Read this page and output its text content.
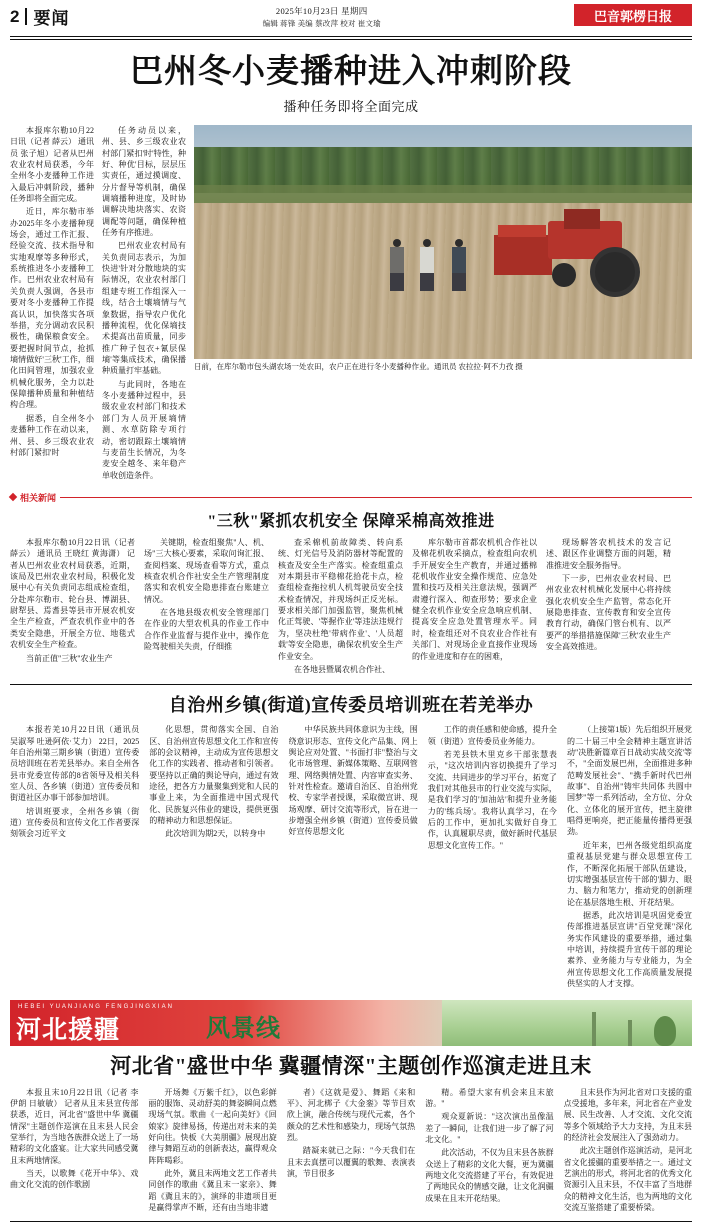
2 要闻	2025年10月23日 星期四
编辑 蒋锋 美编 蔡改萍 校对 崔文瑜	巴音郭楞日报
巴州冬小麦播种进入冲刺阶段
播种任务即将全面完成

本报库尔勒10月22日讯（记者 薛云） 通讯员 张子旭）记者从巴州农业农村局获悉，今年全州冬小麦播种工作进入最后冲刺阶段，播种任务即将全面完成。

近日，库尔勒市举办2025年冬小麦播种现场会，通过工作汇报、经验交流、技术指导和实地观摩等多种形式，系统推进冬小麦播种工作。巴州农业农村局有关负责人强调，各县市要对冬小麦播种工作提高认识，加快落实各项举措，充分调动农民积极性，确保粮食安全。要把握时间节点，抢抓墒情做好'三秋'工作，细化田间管理，加强农业机械化服务，全力以赴保障播种质量和种植结构合理。

据悉，自全州冬小麦播种工作在动以来，州、县、乡三级农业农村部门紧扣'时

任务动员以来，州、县、乡三级农业农村部门紧扣'时'特性，种好、种优'目标，层层压实责任，通过摸调度、分片督导等机制，确保调墒播种进度，及时协调解决地块落实、农资调配等问题，确保种植任务有序推进。

巴州农业农村局有关负责同志表示，为加快进'针对分散地块的实际情况，农业农村部门组建专班工作组深入一线，结合土壤墒情与气象数据，指导农户优化播种流程，优化保墒技术提高出苗质量，同步推广种子包衣+氰层保墒'等集成技术，确保播种质量打牢基础。

与此同时，各地在冬小麦播种过程中，县级农业农村部门和技术部门为人员开展墒情测、水草防除专项行动，密切跟踪土壤墒情与麦苗生长情况，为冬麦安全越冬、来年稳产单收创造条件。

日前，在库尔勒市包头湖农场一处农田，农户正在进行冬小麦播种作业。通讯员 农拉拉·阿不力孜 摄
相关新闻
"三秋"紧抓农机安全 保障采棉高效推进

本报库尔勒10月22日讯（记者 薛云） 通讯员 王晓红 黄海潇） 记者从巴州农业农村局获悉，近期，该局及巴州农业农村局，积极化发展中心有关负责同志组成检查组，分赴库尔勒市、轮台县、博湖县、尉犁县、焉耆县等县市开展农机安全生产检查，严查农机作业中的各类安全隐患，开展全方位、地毯式农机安全生产检查。

当前正值"三秋"农业生产

关键期，检查组聚焦"人、机、场"三大核心要素，采取问询汇报、查阅档案、现场查看等方式，重点核查农机合作社安全生产管理制度落实和农机安全隐患排查台账建立情况。

在各地县级农机安全管理部门在作业的大型农机具的作业工作中合作作业监督与提作业中，操作危险驾驶相关失责，仔细推

查采棉机前故障类、转向系统、灯光信号及消防器材等配置的核查及安全生产落实。检查组重点对本期县市平稳棉花拾花卡点，检查组检查拖拉机人机驾驶员安全技术检查情况，并现场纠正反光标。要求相关部门加强监管，聚焦机械化正驾驶、'等握作业'等违法违规行为，坚决杜绝'带病作业'、'人员超载'等安全隐患，确保农机安全生产作业安全。

在各地县暨属农机合作社、

库尔勒市首都农机机合作社以及棉花机收采摘点，检查组向农机手开展安全生产教育，并通过播棉花机收作业安全操作规范、应急处置和技巧及相关注意法规，强调严肃遵行深入、彻查形势；要求企业健全农机作业安全应急响应机制、提高安全应急处置管理水平。同时，检查组还对不良农业合作社有关部门、对现场企业直接作业现场的作业进度和存在的困难，

现场解答农机技术的发言记述、跟区作业调整方面的问题，精准推进安全服务指导。

下一步，巴州农业农村局、巴州农业农村机械化发展中心将持续强化农机安全生产监管，常态化开展隐患排查、宣传教育和安全宣传教育行动，确保门管台机有、以严要严的举措措施保障'三秋'农业生产安全高效推进。

自治州乡镇(街道)宣传委员培训班在若羌举办

本报若羌10月22日讯（通讯员 吴淑琴 吐逊阿依·艾力） 22日，2025年自治州第三期乡镇（街道）宣传委员培训班在若羌县举办。来自全州各县市党委宣传部的8省领导及相关科室人员、各乡镇（街道）宣传委员和街道社区办事干部参加培训。

培训班要求，全州各乡镇（街道）宣传委员和宣传文化工作者要深刻领会习近平文

化思想，贯彻落实全国、自治区、自治州宣传思想文化工作和宣传部的会议精神，主动成为宣传思想文化工作的实践者、推动者和引领者。要坚持以正确的舆论导向，通过有效途径，把各方力量聚集到党和人民的事业上来，为全面推进中国式现代化、民族复兴伟业的建设，提供更强的精神动力和思想保证。

此次培训为期2天，以转身中

中华民族共同体意识为主线，围绕意识形态、宣传文化产品集、网上舆论应对处置、"书面打非"整治与文化市场管理、新媒体策略、互联网管理、网络舆情处置、内容审查实务、针对性检查。邀请自治区、自治州党校、专家学者授课，采取微宣讲、现场观摩、研讨交流等形式，旨在进一步增强全州乡镇（街道）宣传委员做好宣传思想文化

工作的责任感和使命感，提升全领（街道）宣传委员业务能力。

若羌县铁木里克乡干部张慧表示，"这次培训内容切换提升了学习交流、共同进步的学习平台，拓宽了我们对其他县市的行业交流与实际，是我们学习的'加油站'和提升业务能力的'练兵场'。我将认真学习，在今后的工作中，更加扎实做好自身工作，认真履职尽责，做好新时代基层思想文化宣传工作。"

（上接第1版）先后组织开展党的二十届三中全会精神主题宣讲活动"决胜新篇章百日战动实战交流'等不，"全面发展巴州，全面推进多种范畴发展社会"、"携手新时代巴州故事"、自治州"铸牢共同体 共圆中国梦"等一系列活动，全方位、分众化、立体化的展开宣传，把主旋律唱得更响亮，把正能量传播得更强劲。

近年来，巴州各级党组织高度重视基层党建与群众思想宣传工作，不断深化拓展干部队伍建设，切实增强基层宣传干部的'脚力、眼力、脑力和笔力'，推动党的创新理论在基层落地生根、开花结果。

据悉，此次培训是巩固党委宣传部推进基层宣讲"百堂党课"深化务实作风建设的重要举措，通过集中培训，持续提升宣传干部的理论素养、业务能力与专业能力，为全州宣传思想文化工作高质量发展提供坚实的人才支撑。

HEBEI YUANJIANG FENGJINGXIAN
河北援疆	风景线
河北省"盛世中华 冀疆情深"主题创作巡演走进且末

本报且末10月22日讯（记者 李 伊朗 日敏敏） 记者从且末县宣传部获悉，近日，河北省"盛世中华 冀疆情深"主题创作巡演在且末县人民会堂举行，为当地各族群众送上了一场精彩的文化盛宴。让大家共同感受冀且末两地情深。

当天，以歌舞《花开中华》、戏曲文化交流的创作歌剧

开场舞《万紫千红》，以色彩鲜丽的服饰、灵动舒美的舞姿瞬间点燃现场气氛。歌曲《一起向美好》《回娘家》旋律易扬，传递出对未来的美好向往。快板《大美朋疆》展现出旋律与舞蹈互动的创新表达，赢得观众阵阵喝彩。

此外，冀且末两地文艺工作者共同创作的歌曲《冀且末一家亲》、舞蹈《冀且末的》，演绎的非遗项目更是赢得掌声不断，还有由当地非遗

者）《这就是爱》、舞蹈《来和平》、河北梆子《大金銮》等节目欢欣上演，融合传统与现代元素，各个颇众的艺术性和感染力，现场气氛热烈。

踏凝来就已之际："今天我们在且末去真摆可以覆翼的歌舞、表演表演，节目很多

精。希望大家有机会来且末旅游。"

观众夏新说："这次演出虽像温差了一瞬间，让我们进一步了解了河北文化。"

此次活动，不仅为且末县各族群众送上了精彩的文化大餐，更为冀疆两地文化交流搭建了平台，有效促进了两地民众的情感交融，让文化润疆成果在且末开花结果。

且末县作为河北省对口支援的重点受援地，多年来，河北省在产业发展、民生改善、人才交流、文化交流等多个领域给予大力支持，为且末县的经济社会发展注入了强劲动力。

此次主题创作巡演活动，是河北省文化援疆的重要举措之一。通过文艺演出的形式，将河北省的优秀文化资源引入且末县，不仅丰富了当地群众的精神文化生活，也为两地的文化交流互鉴搭建了重要桥梁。
